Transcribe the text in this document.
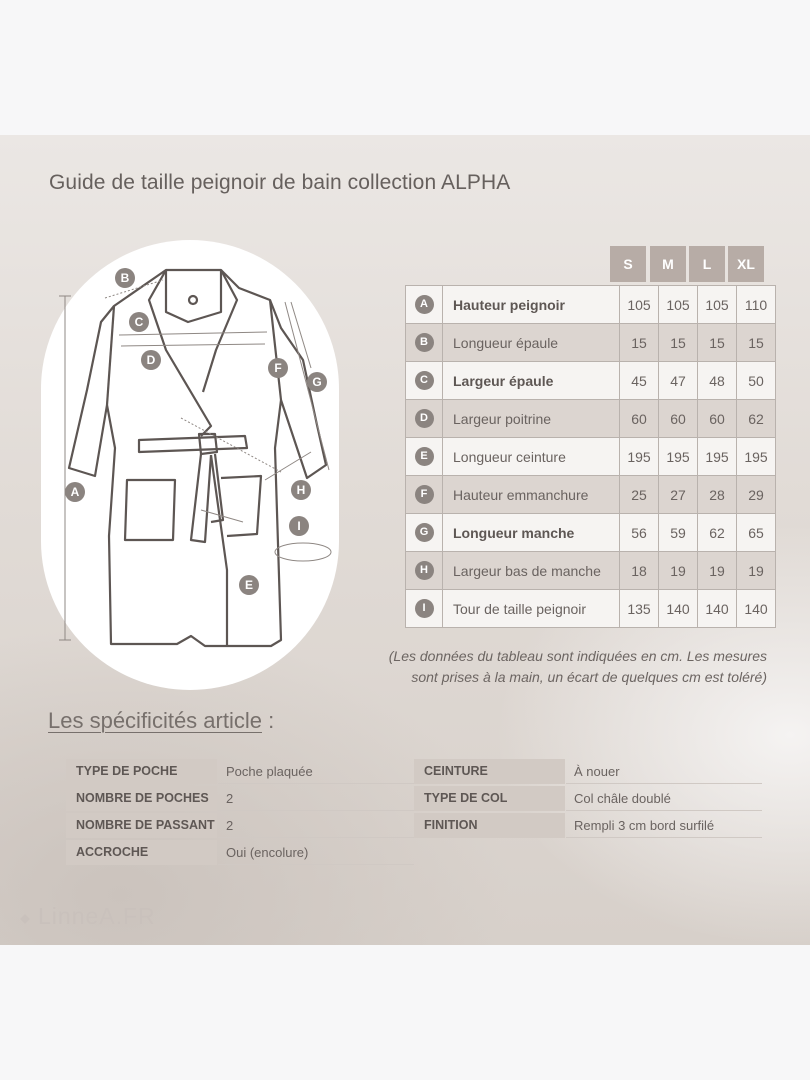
Guide de taille peignoir de bain collection ALPHA
B
C
D
F
G
A	H
I
E
S	M	L	XL
A	Hauteur peignoir	105	105	105	110
B	Longueur épaule	15	15	15	15
C	Largeur épaule	45	47	48	50
D	Largeur poitrine	60	60	60	62
E	Longueur ceinture	195	195	195	195
F	Hauteur emmanchure	25	27	28	29
G	Longueur manche	56	59	62	65
H	Largeur bas de manche	18	19	19	19
I	Tour de taille peignoir	135	140	140	140
(Les données du tableau sont indiquées en cm. Les mesures
sont prises à la main, un écart de quelques cm est toléré)
Les spécificités article :
TYPE DE POCHE	Poche plaquée
NOMBRE DE POCHES	2
NOMBRE DE PASSANT 2
ACCROCHE	Oui (encolure)
CEINTURE	À nouer
TYPE DE COL	Col châle doublé
FINITION	Rempli 3 cm bord surfilé
LinneA.FR
